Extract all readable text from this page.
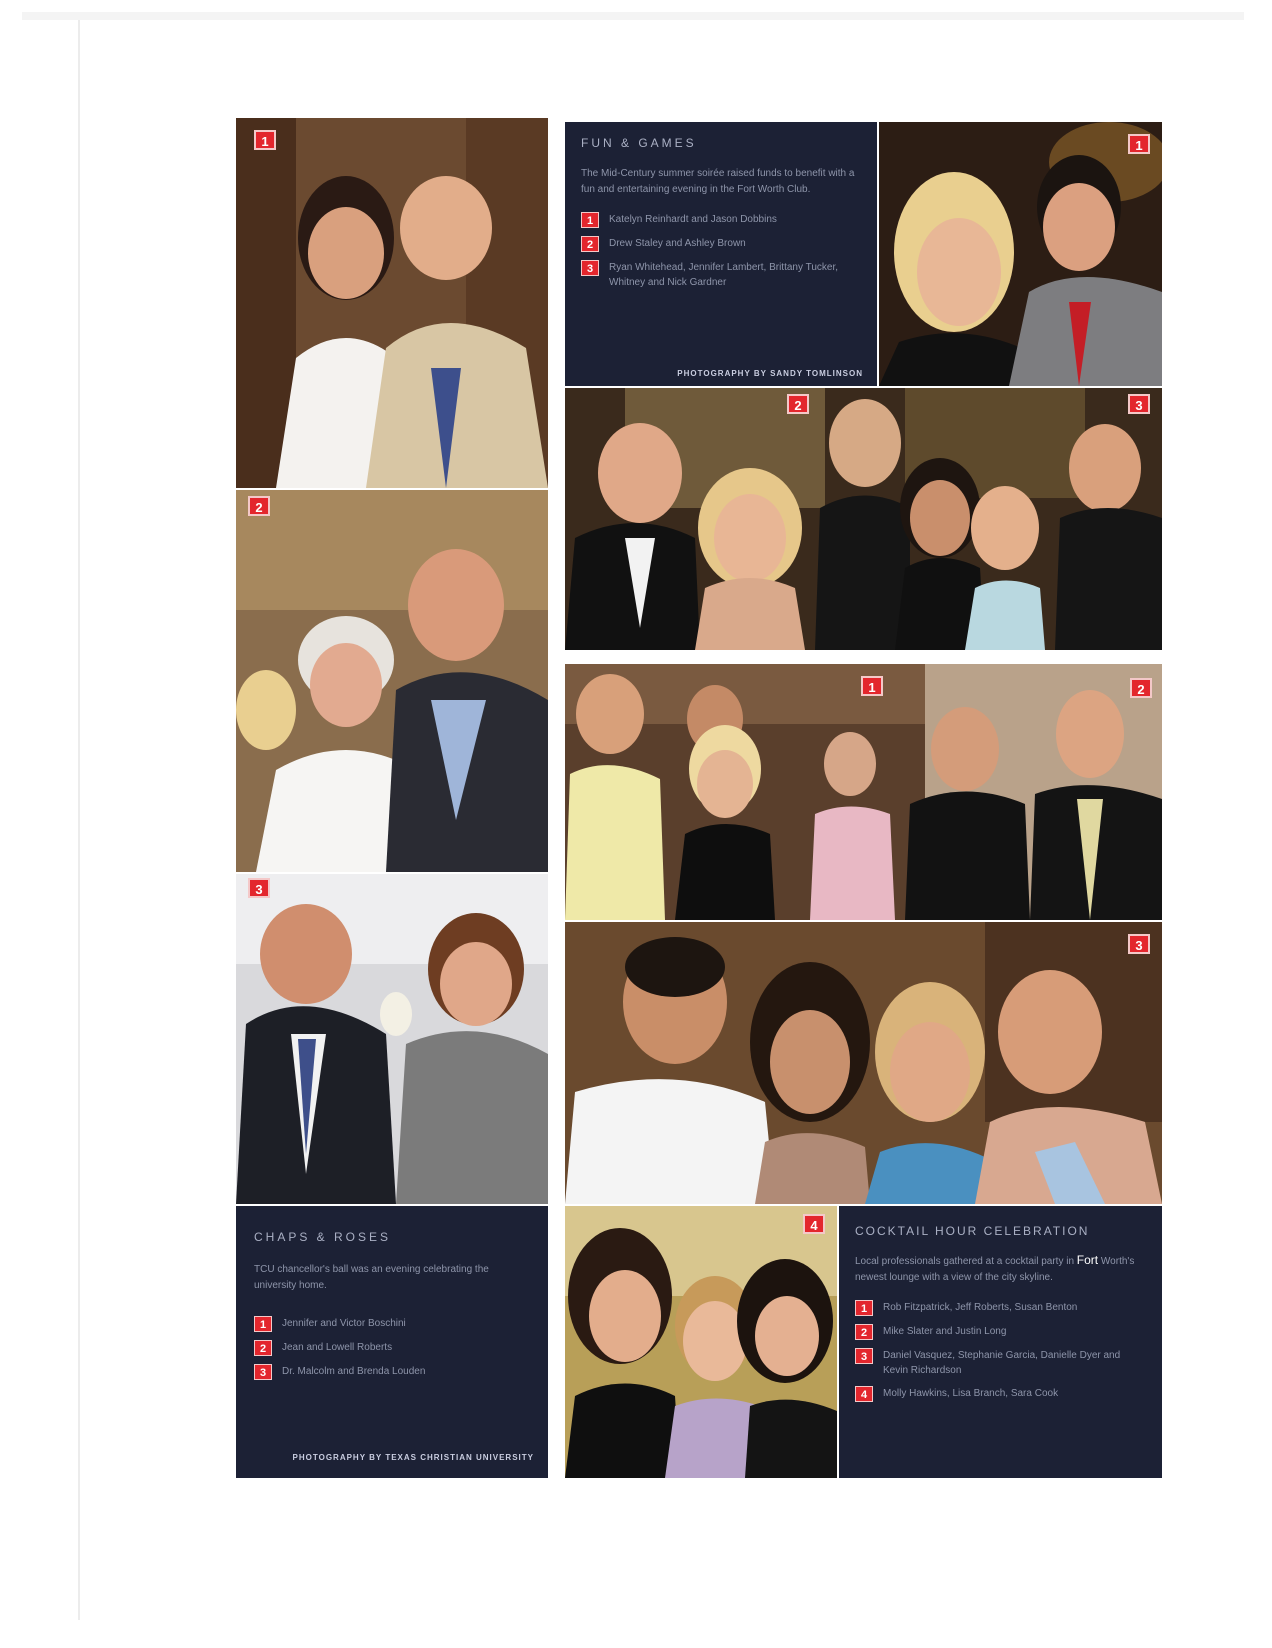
1
2
3
CHAPS & ROSES
TCU chancellor's ball was an evening celebrating the university home.
1	Jennifer and Victor Boschini
2	Jean and Lowell Roberts
3	Dr. Malcolm and Brenda Louden
PHOTOGRAPHY BY TEXAS CHRISTIAN UNIVERSITY
FUN & GAMES
The Mid-Century summer soirée raised funds to benefit with a fun and entertaining evening in the Fort Worth Club.
1	Katelyn Reinhardt and Jason Dobbins
2	Drew Staley and Ashley Brown
3	Ryan Whitehead, Jennifer Lambert, Brittany Tucker, Whitney and Nick Gardner
PHOTOGRAPHY BY SANDY TOMLINSON
1
2	3
1	2
3
4	COCKTAIL HOUR CELEBRATION
Local professionals gathered at a cocktail party in Fort Worth's newest lounge with a view of the city skyline.
1	Rob Fitzpatrick, Jeff Roberts, Susan Benton
2	Mike Slater and Justin Long
3	Daniel Vasquez, Stephanie Garcia, Danielle Dyer and Kevin Richardson
4	Molly Hawkins, Lisa Branch, Sara Cook
